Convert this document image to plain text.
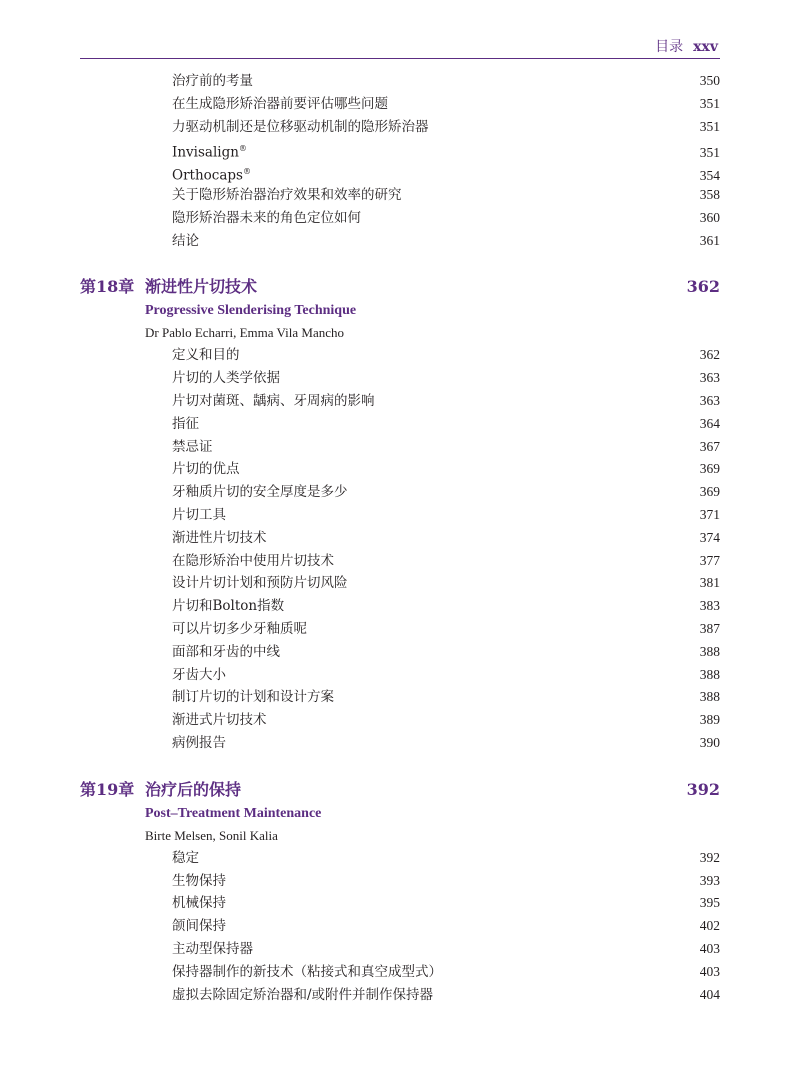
目录 xxv
治疗前的考量	350
在生成隐形矫治器前要评估哪些问题	351
力驱动机制还是位移驱动机制的隐形矫治器	351
Invisalign®	351
Orthocaps®	354
关于隐形矫治器治疗效果和效率的研究	358
隐形矫治器未来的角色定位如何	360
结论	361
第18章 渐进性片切技术	362
Progressive Slenderising Technique
Dr Pablo Echarri, Emma Vila Mancho
定义和目的	362
片切的人类学依据	363
片切对菌斑、龋病、牙周病的影响	363
指征	364
禁忌证	367
片切的优点	369
牙釉质片切的安全厚度是多少	369
片切工具	371
渐进性片切技术	374
在隐形矫治中使用片切技术	377
设计片切计划和预防片切风险	381
片切和Bolton指数	383
可以片切多少牙釉质呢	387
面部和牙齿的中线	388
牙齿大小	388
制订片切的计划和设计方案	388
渐进式片切技术	389
病例报告	390
第19章 治疗后的保持	392
Post–Treatment Maintenance
Birte Melsen, Sonil Kalia
稳定	392
生物保持	393
机械保持	395
颌间保持	402
主动型保持器	403
保持器制作的新技术（粘接式和真空成型式）	403
虚拟去除固定矫治器和/或附件并制作保持器	404
